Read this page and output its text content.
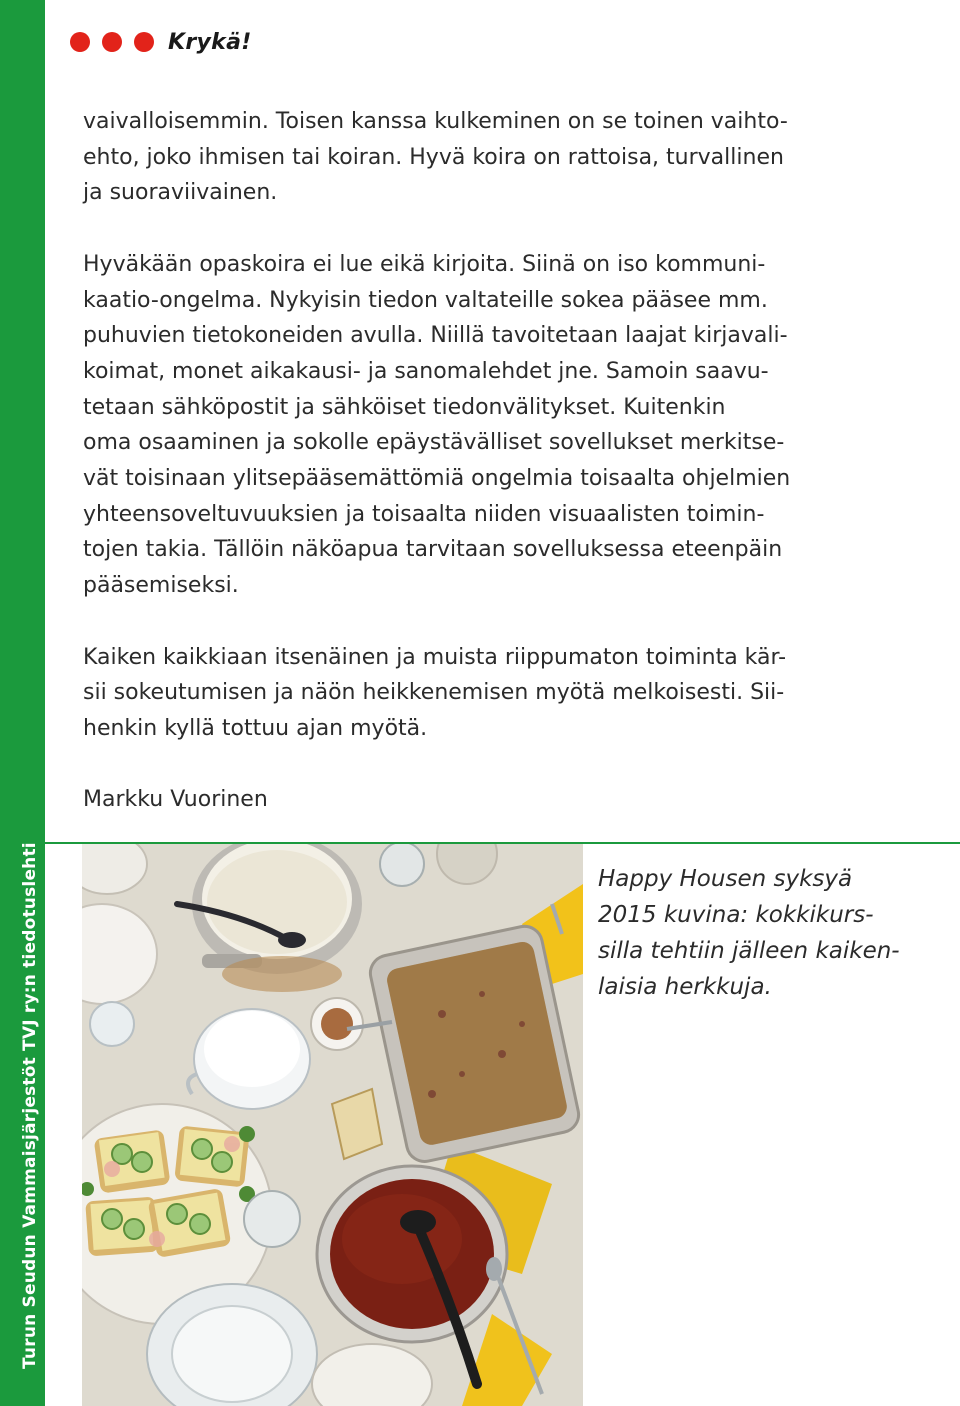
Turun Seudun Vammaisjärjestöt TVJ ry:n tiedotuslehti
Krykä!

vaivalloisemmin. Toisen kanssa kulkeminen on se toinen vaihto-
ehto, joko ihmisen tai koiran. Hyvä koira on rattoisa, turvallinen
ja suoraviivainen.

Hyväkään opaskoira ei lue eikä kirjoita. Siinä on iso kommuni-
kaatio-ongelma. Nykyisin tiedon valtateille sokea pääsee mm.
puhuvien tietokoneiden avulla. Niillä tavoitetaan laajat kirjavali-
koimat, monet aikakausi- ja sanomalehdet jne. Samoin saavu-
tetaan sähköpostit ja sähköiset tiedonvälitykset. Kuitenkin
oma osaaminen ja sokolle epäystävälliset sovellukset merkitse-
vät toisinaan ylitsepääsemättömiä ongelmia toisaalta ohjelmien
yhteensoveltuvuuksien ja toisaalta niiden visuaalisten toimin-
tojen takia. Tällöin näköapua tarvitaan sovelluksessa eteenpäin
pääsemiseksi.

Kaiken kaikkiaan itsenäinen ja muista riippumaton toiminta kär-
sii sokeutumisen ja näön heikkenemisen myötä melkoisesti. Sii-
henkin kyllä tottuu ajan myötä.

Markku Vuorinen

Happy Housen syksyä
2015 kuvina: kokkikurs-
silla tehtiin jälleen kaiken-
laisia herkkuja.
